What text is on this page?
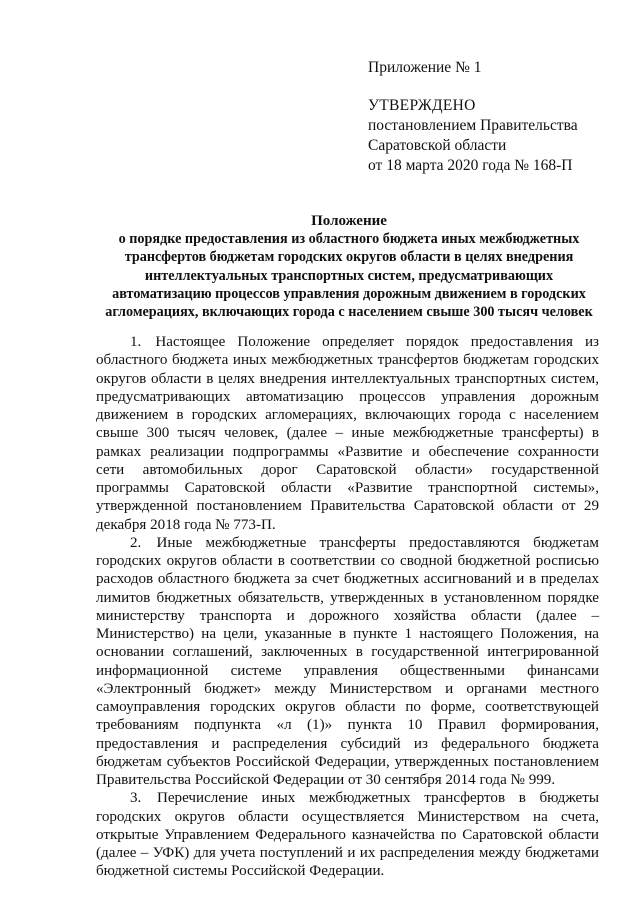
Приложение № 1
УТВЕРЖДЕНО
постановлением Правительства
Саратовской области
от 18 марта 2020 года № 168-П
Положение
о порядке предоставления из областного бюджета иных межбюджетных
трансфертов бюджетам городских округов области в целях внедрения
интеллектуальных транспортных систем, предусматривающих
автоматизацию процессов управления дорожным движением в городских
агломерациях, включающих города с населением свыше 300 тысяч человек

1. Настоящее Положение определяет порядок предоставления из областного бюджета иных межбюджетных трансфертов бюджетам городских округов области в целях внедрения интеллектуальных транспортных систем, предусматривающих автоматизацию процессов управления дорожным движением в городских агломерациях, включающих города с населением свыше 300 тысяч человек, (далее – иные межбюджетные трансферты) в рамках реализации подпрограммы «Развитие и обеспечение сохранности сети автомобильных дорог Саратовской области» государственной программы Саратовской области «Развитие транспортной системы», утвержденной постановлением Правительства Саратовской области от 29 декабря 2018 года № 773-П.

2. Иные межбюджетные трансферты предоставляются бюджетам городских округов области в соответствии со сводной бюджетной росписью расходов областного бюджета за счет бюджетных ассигнований и в пределах лимитов бюджетных обязательств, утвержденных в установленном порядке министерству транспорта и дорожного хозяйства области (далее – Министерство) на цели, указанные в пункте 1 настоящего Положения, на основании соглашений, заключенных в государственной интегрированной информационной системе управления общественными финансами «Электронный бюджет» между Министерством и органами местного самоуправления городских округов области по форме, соответствующей требованиям подпункта «л (1)» пункта 10 Правил формирования, предоставления и распределения субсидий из федерального бюджета бюджетам субъектов Российской Федерации, утвержденных постановлением Правительства Российской Федерации от 30 сентября 2014 года № 999.

3. Перечисление иных межбюджетных трансфертов в бюджеты городских округов области осуществляется Министерством на счета, открытые Управлением Федерального казначейства по Саратовской области (далее – УФК) для учета поступлений и их распределения между бюджетами бюджетной системы Российской Федерации.
